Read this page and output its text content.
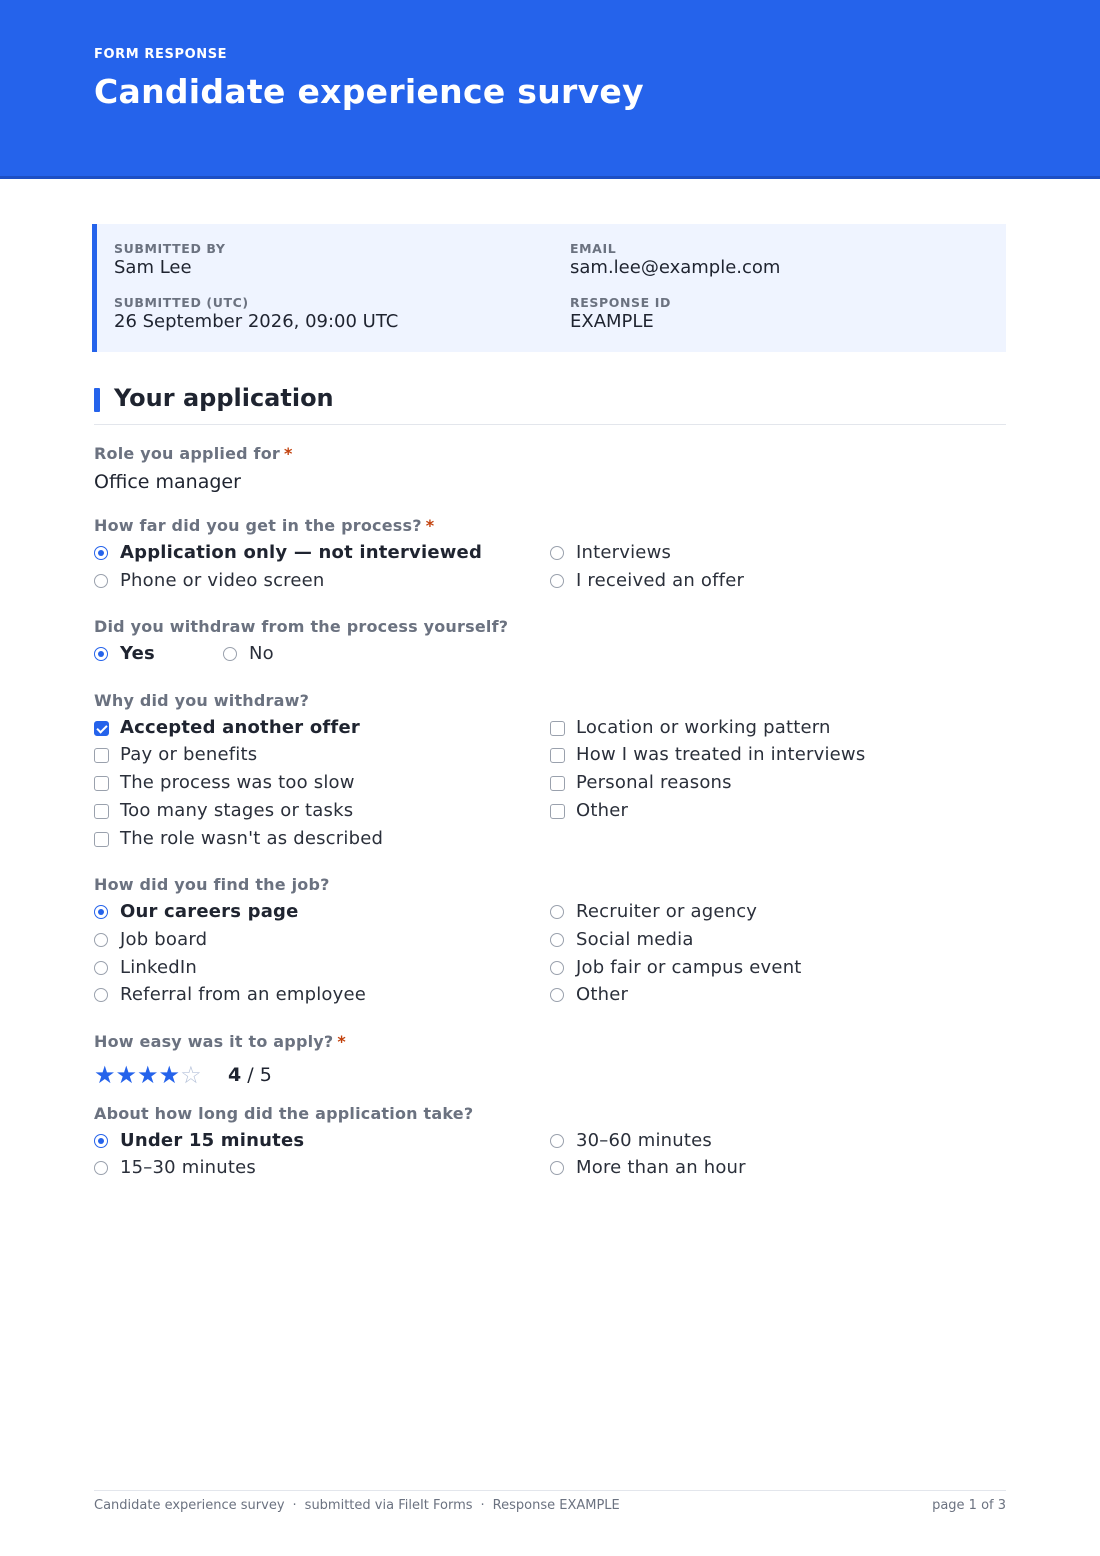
FORM RESPONSE
Candidate experience survey
SUBMITTED BY
Sam Lee
EMAIL
sam.lee@example.com
SUBMITTED (UTC)
26 September 2026, 09:00 UTC
RESPONSE ID
EXAMPLE
Your application
Role you applied for *
Office manager
How far did you get in the process? *
Application only — not interviewed
Phone or video screen
Interviews
I received an offer
Did you withdraw from the process yourself?
Yes	No
Why did you withdraw?
Accepted another offer
Pay or benefits
The process was too slow
Too many stages or tasks
The role wasn't as described
Location or working pattern
How I was treated in interviews
Personal reasons
Other
How did you find the job?
Our careers page
Job board
LinkedIn
Referral from an employee
Recruiter or agency
Social media
Job fair or campus event
Other
How easy was it to apply? *
★★★★☆ 4 / 5
About how long did the application take?
Under 15 minutes
15–30 minutes
30–60 minutes
More than an hour
Candidate experience survey · submitted via FileIt Forms · Response EXAMPLE	page 1 of 3
